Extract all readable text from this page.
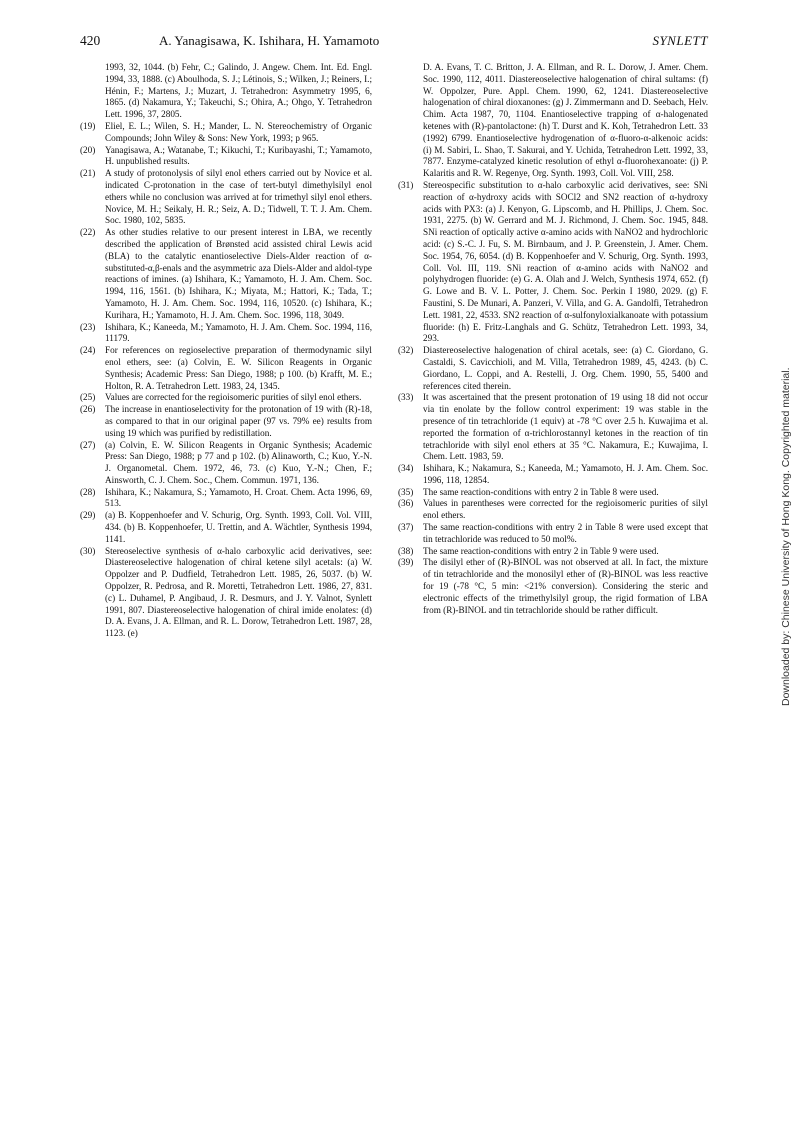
420	A. Yanagisawa, K. Ishihara, H. Yamamoto	SYNLETT
1993, 32, 1044. (b) Fehr, C.; Galindo, J. Angew. Chem. Int. Ed. Engl. 1994, 33, 1888. (c) Aboulhoda, S. J.; Létinois, S.; Wilken, J.; Reiners, I.; Hénin, F.; Martens, J.; Muzart, J. Tetrahedron: Asymmetry 1995, 6, 1865. (d) Nakamura, Y.; Takeuchi, S.; Ohira, A.; Ohgo, Y. Tetrahedron Lett. 1996, 37, 2805.
(19)	Eliel, E. L.; Wilen, S. H.; Mander, L. N. Stereochemistry of Organic Compounds; John Wiley & Sons: New York, 1993; p 965.
(20)	Yanagisawa, A.; Watanabe, T.; Kikuchi, T.; Kuribayashi, T.; Yamamoto, H. unpublished results.
(21)	A study of protonolysis of silyl enol ethers carried out by Novice et al. indicated C-protonation in the case of tert-butyl dimethylsilyl enol ethers while no conclusion was arrived at for trimethyl silyl enol ethers. Novice, M. H.; Seikaly, H. R.; Seiz, A. D.; Tidwell, T. T. J. Am. Chem. Soc. 1980, 102, 5835.
(22)	As other studies relative to our present interest in LBA, we recently described the application of Brønsted acid assisted chiral Lewis acid (BLA) to the catalytic enantioselective Diels-Alder reaction of α-substituted-α,β-enals and the asymmetric aza Diels-Alder and aldol-type reactions of imines. (a) Ishihara, K.; Yamamoto, H. J. Am. Chem. Soc. 1994, 116, 1561. (b) Ishihara, K.; Miyata, M.; Hattori, K.; Tada, T.; Yamamoto, H. J. Am. Chem. Soc. 1994, 116, 10520. (c) Ishihara, K.; Kurihara, H.; Yamamoto, H. J. Am. Chem. Soc. 1996, 118, 3049.
(23)	Ishihara, K.; Kaneeda, M.; Yamamoto, H. J. Am. Chem. Soc. 1994, 116, 11179.
(24)	For references on regioselective preparation of thermodynamic silyl enol ethers, see: (a) Colvin, E. W. Silicon Reagents in Organic Synthesis; Academic Press: San Diego, 1988; p 100. (b) Krafft, M. E.; Holton, R. A. Tetrahedron Lett. 1983, 24, 1345.
(25)	Values are corrected for the regioisomeric purities of silyl enol ethers.
(26)	The increase in enantioselectivity for the protonation of 19 with (R)-18, as compared to that in our original paper (97 vs. 79% ee) results from using 19 which was purified by redistillation.
(27)	(a) Colvin, E. W. Silicon Reagents in Organic Synthesis; Academic Press: San Diego, 1988; p 77 and p 102. (b) Alinaworth, C.; Kuo, Y.-N. J. Organometal. Chem. 1972, 46, 73. (c) Kuo, Y.-N.; Chen, F.; Ainsworth, C. J. Chem. Soc., Chem. Commun. 1971, 136.
(28)	Ishihara, K.; Nakamura, S.; Yamamoto, H. Croat. Chem. Acta 1996, 69, 513.
(29)	(a) B. Koppenhoefer and V. Schurig, Org. Synth. 1993, Coll. Vol. VIII, 434. (b) B. Koppenhoefer, U. Trettin, and A. Wächtler, Synthesis 1994, 1141.
(30)	Stereoselective synthesis of α-halo carboxylic acid derivatives, see: Diastereoselective halogenation of chiral ketene silyl acetals: (a) W. Oppolzer and P. Dudfield, Tetrahedron Lett. 1985, 26, 5037. (b) W. Oppolzer, R. Pedrosa, and R. Moretti, Tetrahedron Lett. 1986, 27, 831. (c) L. Duhamel, P. Angibaud, J. R. Desmurs, and J. Y. Valnot, Synlett 1991, 807. Diastereoselective halogenation of chiral imide enolates: (d) D. A. Evans, J. A. Ellman, and R. L. Dorow, Tetrahedron Lett. 1987, 28, 1123. (e)
D. A. Evans, T. C. Britton, J. A. Ellman, and R. L. Dorow, J. Amer. Chem. Soc. 1990, 112, 4011. Diastereoselective halogenation of chiral sultams: (f) W. Oppolzer, Pure. Appl. Chem. 1990, 62, 1241. Diastereoselective halogenation of chiral dioxanones: (g) J. Zimmermann and D. Seebach, Helv. Chim. Acta 1987, 70, 1104. Enantioselective trapping of α-halogenated ketenes with (R)-pantolactone: (h) T. Durst and K. Koh, Tetrahedron Lett. 33 (1992) 6799. Enantioselective hydrogenation of α-fluoro-α-alkenoic acids: (i) M. Sabiri, L. Shao, T. Sakurai, and Y. Uchida, Tetrahedron Lett. 1992, 33, 7877. Enzyme-catalyzed kinetic resolution of ethyl α-fluorohexanoate: (j) P. Kalaritis and R. W. Regenye, Org. Synth. 1993, Coll. Vol. VIII, 258.
(31)	Stereospecific substitution to α-halo carboxylic acid derivatives, see: SNi reaction of α-hydroxy acids with SOCl2 and SN2 reaction of α-hydroxy acids with PX3: (a) J. Kenyon, G. Lipscomb, and H. Phillips, J. Chem. Soc. 1931, 2275. (b) W. Gerrard and M. J. Richmond, J. Chem. Soc. 1945, 848. SNi reaction of optically active α-amino acids with NaNO2 and hydrochloric acid: (c) S.-C. J. Fu, S. M. Birnbaum, and J. P. Greenstein, J. Amer. Chem. Soc. 1954, 76, 6054. (d) B. Koppenhoefer and V. Schurig, Org. Synth. 1993, Coll. Vol. III, 119. SNi reaction of α-amino acids with NaNO2 and polyhydrogen fluoride: (e) G. A. Olah and J. Welch, Synthesis 1974, 652. (f) G. Lowe and B. V. L. Potter, J. Chem. Soc. Perkin I 1980, 2029. (g) F. Faustini, S. De Munari, A. Panzeri, V. Villa, and G. A. Gandolfi, Tetrahedron Lett. 1981, 22, 4533. SN2 reaction of α-sulfonyloxialkanoate with potassium fluoride: (h) E. Fritz-Langhals and G. Schütz, Tetrahedron Lett. 1993, 34, 293.
(32)	Diastereoselective halogenation of chiral acetals, see: (a) C. Giordano, G. Castaldi, S. Cavicchioli, and M. Villa, Tetrahedron 1989, 45, 4243. (b) C. Giordano, L. Coppi, and A. Restelli, J. Org. Chem. 1990, 55, 5400 and references cited therein.
(33)	It was ascertained that the present protonation of 19 using 18 did not occur via tin enolate by the follow control experiment: 19 was stable in the presence of tin tetrachloride (1 equiv) at -78 °C over 2.5 h. Kuwajima et al. reported the formation of α-trichlorostannyl ketones in the reaction of tin tetrachloride with silyl enol ethers at 35 °C. Nakamura, E.; Kuwajima, I. Chem. Lett. 1983, 59.
(34)	Ishihara, K.; Nakamura, S.; Kaneeda, M.; Yamamoto, H. J. Am. Chem. Soc. 1996, 118, 12854.
(35)	The same reaction-conditions with entry 2 in Table 8 were used.
(36)	Values in parentheses were corrected for the regioisomeric purities of silyl enol ethers.
(37)	The same reaction-conditions with entry 2 in Table 8 were used except that tin tetrachloride was reduced to 50 mol%.
(38)	The same reaction-conditions with entry 2 in Table 9 were used.
(39)	The disilyl ether of (R)-BINOL was not observed at all. In fact, the mixture of tin tetrachloride and the monosilyl ether of (R)-BINOL was less reactive for 19 (-78 °C, 5 min: <21% conversion). Considering the steric and electronic effects of the trimethylsilyl group, the rigid formation of LBA from (R)-BINOL and tin tetrachloride should be rather difficult.	Downloaded by: Chinese University of Hong Kong. Copyrighted material.
